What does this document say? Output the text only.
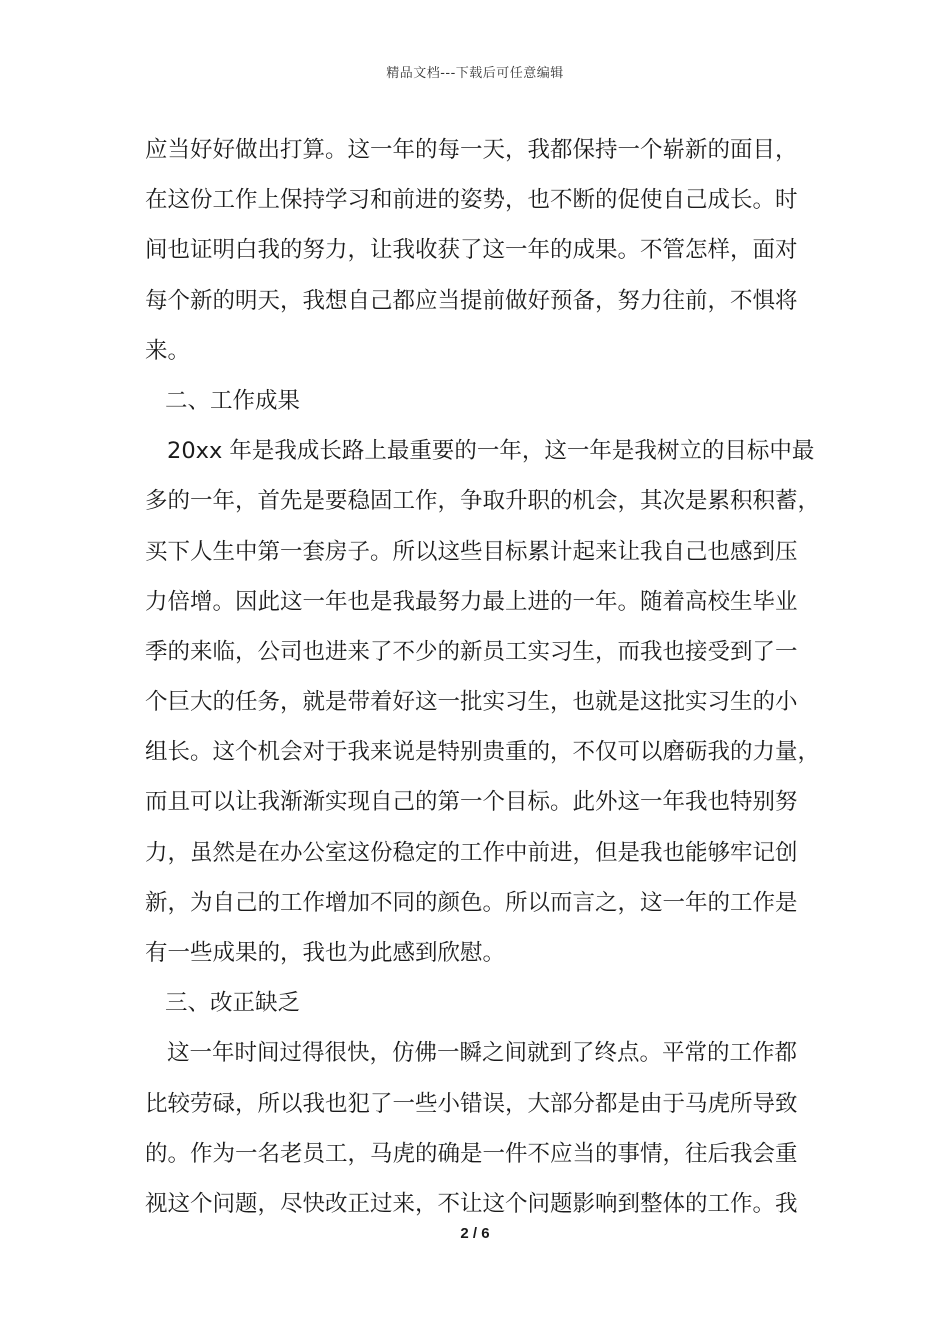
精品文档---下载后可任意编辑
应当好好做出打算。这一年的每一天，我都保持一个崭新的面目，
在这份工作上保持学习和前进的姿势，也不断的促使自己成长。时
间也证明白我的努力，让我收获了这一年的成果。不管怎样，面对
每个新的明天，我想自己都应当提前做好预备，努力往前，不惧将
来。
二、工作成果
20xx 年是我成长路上最重要的一年，这一年是我树立的目标中最
多的一年，首先是要稳固工作，争取升职的机会，其次是累积积蓄，
买下人生中第一套房子。所以这些目标累计起来让我自己也感到压
力倍增。因此这一年也是我最努力最上进的一年。随着高校生毕业
季的来临，公司也进来了不少的新员工实习生，而我也接受到了一
个巨大的任务，就是带着好这一批实习生，也就是这批实习生的小
组长。这个机会对于我来说是特别贵重的，不仅可以磨砺我的力量，
而且可以让我渐渐实现自己的第一个目标。此外这一年我也特别努
力，虽然是在办公室这份稳定的工作中前进，但是我也能够牢记创
新，为自己的工作增加不同的颜色。所以而言之，这一年的工作是
有一些成果的，我也为此感到欣慰。
三、改正缺乏
这一年时间过得很快，仿佛一瞬之间就到了终点。平常的工作都
比较劳碌，所以我也犯了一些小错误，大部分都是由于马虎所导致
的。作为一名老员工，马虎的确是一件不应当的事情，往后我会重
视这个问题，尽快改正过来，不让这个问题影响到整体的工作。我
2 / 6
